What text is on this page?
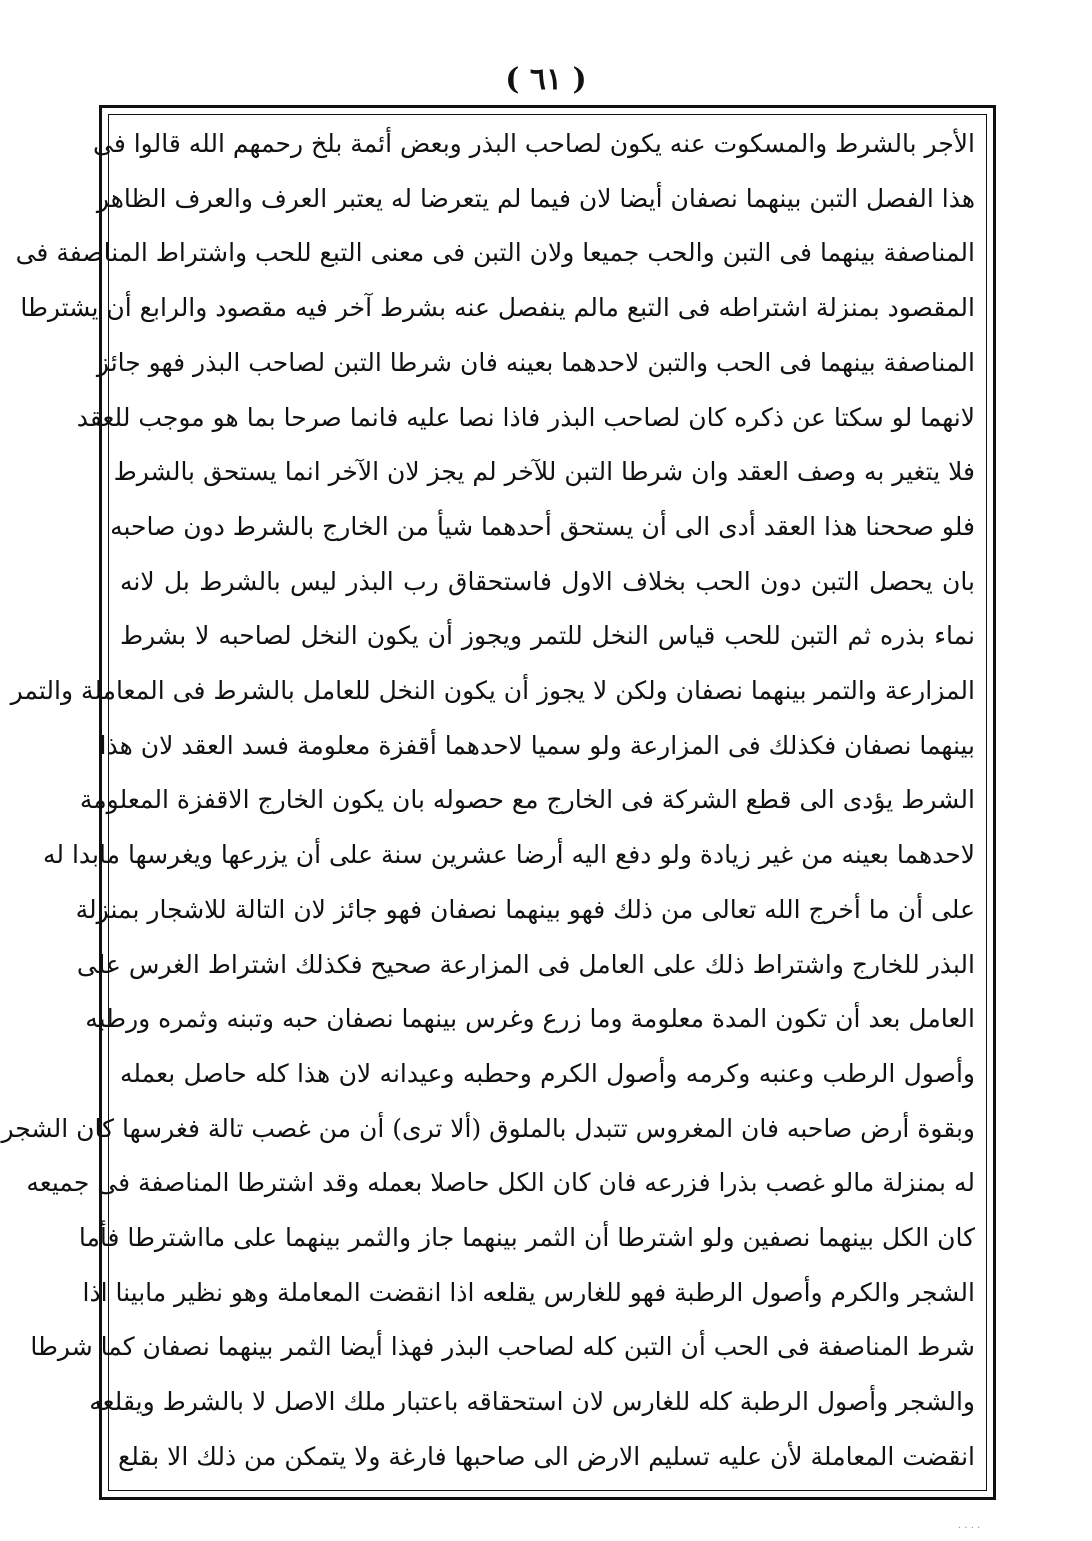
( ٦١ )
الأجر بالشرط والمسكوت عنه يكون لصاحب البذر وبعض أئمة بلخ رحمهم الله قالوا فى
هذا الفصل التبن بينهما نصفان أيضا لان فيما لم يتعرضا له يعتبر العرف والعرف الظاهر
المناصفة بينهما فى التبن والحب جميعا ولان التبن فى معنى التبع للحب واشتراط المناصفة فى
المقصود بمنزلة اشتراطه فى التبع مالم ينفصل عنه بشرط آخر فيه مقصود والرابع أن يشترطا
المناصفة بينهما فى الحب والتبن لاحدهما بعينه فان شرطا التبن لصاحب البذر فهو جائز
لانهما لو سكتا عن ذكره كان لصاحب البذر فاذا نصا عليه فانما صرحا بما هو موجب للعقد
فلا يتغير به وصف العقد وان شرطا التبن للآخر لم يجز لان الآخر انما يستحق بالشرط
فلو صححنا هذا العقد أدى الى أن يستحق أحدهما شيأ من الخارج بالشرط دون صاحبه
بان يحصل التبن دون الحب بخلاف الاول فاستحقاق رب البذر ليس بالشرط بل لانه
نماء بذره ثم التبن للحب قياس النخل للتمر ويجوز أن يكون النخل لصاحبه لا بشرط
المزارعة والتمر بينهما نصفان ولكن لا يجوز أن يكون النخل للعامل بالشرط فى المعاملة والتمر
بينهما نصفان فكذلك فى المزارعة ولو سميا لاحدهما أقفزة معلومة فسد العقد لان هذا
الشرط يؤدى الى قطع الشركة فى الخارج مع حصوله بان يكون الخارج الاقفزة المعلومة
لاحدهما بعينه من غير زيادة ولو دفع اليه أرضا عشرين سنة على أن يزرعها ويغرسها مابدا له
على أن ما أخرج الله تعالى من ذلك فهو بينهما نصفان فهو جائز لان التالة للاشجار بمنزلة
البذر للخارج واشتراط ذلك على العامل فى المزارعة صحيح فكذلك اشتراط الغرس على
العامل بعد أن تكون المدة معلومة وما زرع وغرس بينهما نصفان حبه وتبنه وثمره ورطبه
وأصول الرطب وعنبه وكرمه وأصول الكرم وحطبه وعيدانه لان هذا كله حاصل بعمله
وبقوة أرض صاحبه فان المغروس تتبدل بالملوق (ألا ترى) أن من غصب تالة فغرسها كان الشجر
له بمنزلة مالو غصب بذرا فزرعه فان كان الكل حاصلا بعمله وقد اشترطا المناصفة فى جميعه
كان الكل بينهما نصفين ولو اشترطا أن الثمر بينهما جاز والثمر بينهما على مااشترطا فأما
الشجر والكرم وأصول الرطبة فهو للغارس يقلعه اذا انقضت المعاملة وهو نظير مابينا اذا
شرط المناصفة فى الحب أن التبن كله لصاحب البذر فهذا أيضا الثمر بينهما نصفان كما شرطا
والشجر وأصول الرطبة كله للغارس لان استحقاقه باعتبار ملك الاصل لا بالشرط ويقلعه
انقضت المعاملة لأن عليه تسليم الارض الى صاحبها فارغة ولا يتمكن من ذلك الا بقلع
· · · ·
